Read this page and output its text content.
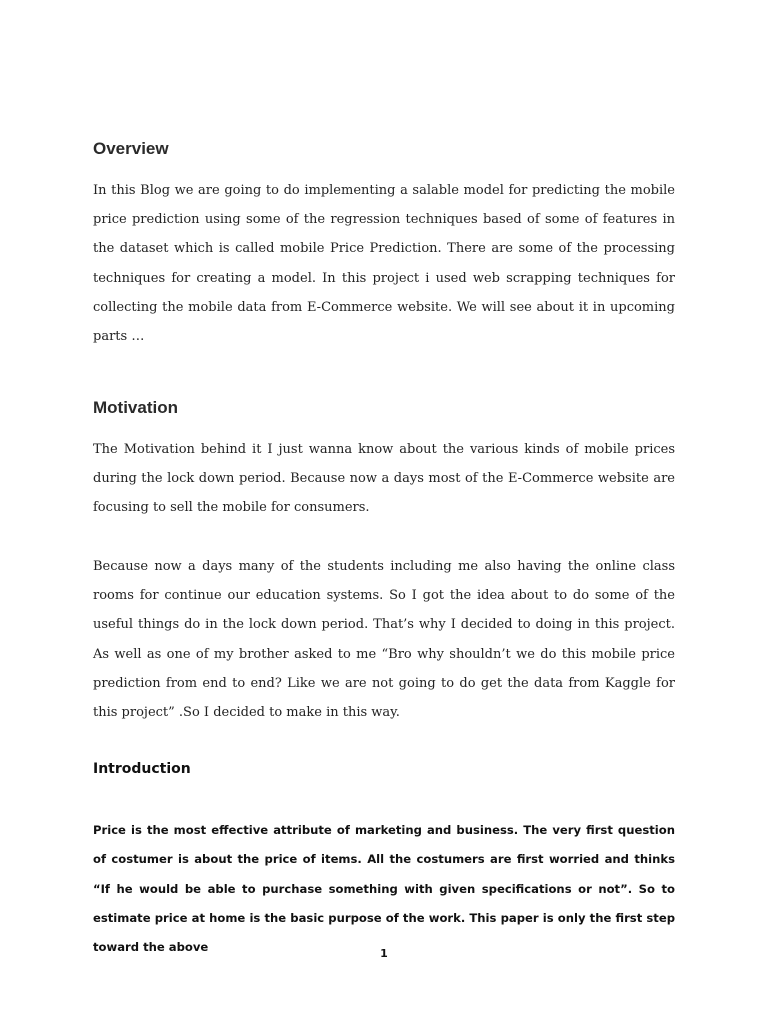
Overview

In this Blog we are going to do implementing a salable model for predicting the mobile price prediction using some of the regression techniques based of some of features in the dataset which is called mobile Price Prediction. There are some of the processing techniques for creating a model. In this project i used web scrapping techniques for collecting the mobile data from E-Commerce website. We will see about it in upcoming parts …

Motivation

The Motivation behind it I just wanna know about the various kinds of mobile prices during the lock down period. Because now a days most of the E-Commerce website are focusing to sell the mobile for consumers.

Because now a days many of the students including me also having the online class rooms for continue our education systems. So I got the idea about to do some of the useful things do in the lock down period. That’s why I decided to doing in this project. As well as one of my brother asked to me “Bro why shouldn’t we do this mobile price prediction from end to end? Like we are not going to do get the data from Kaggle for this project” .So I decided to make in this way.

Introduction

Price is the most effective attribute of marketing and business. The very first question of costumer is about the price of items. All the costumers are first worried and thinks “If he would be able to purchase something with given specifications or not”. So to estimate price at home is the basic purpose of the work. This paper is only the first step toward the above	1
